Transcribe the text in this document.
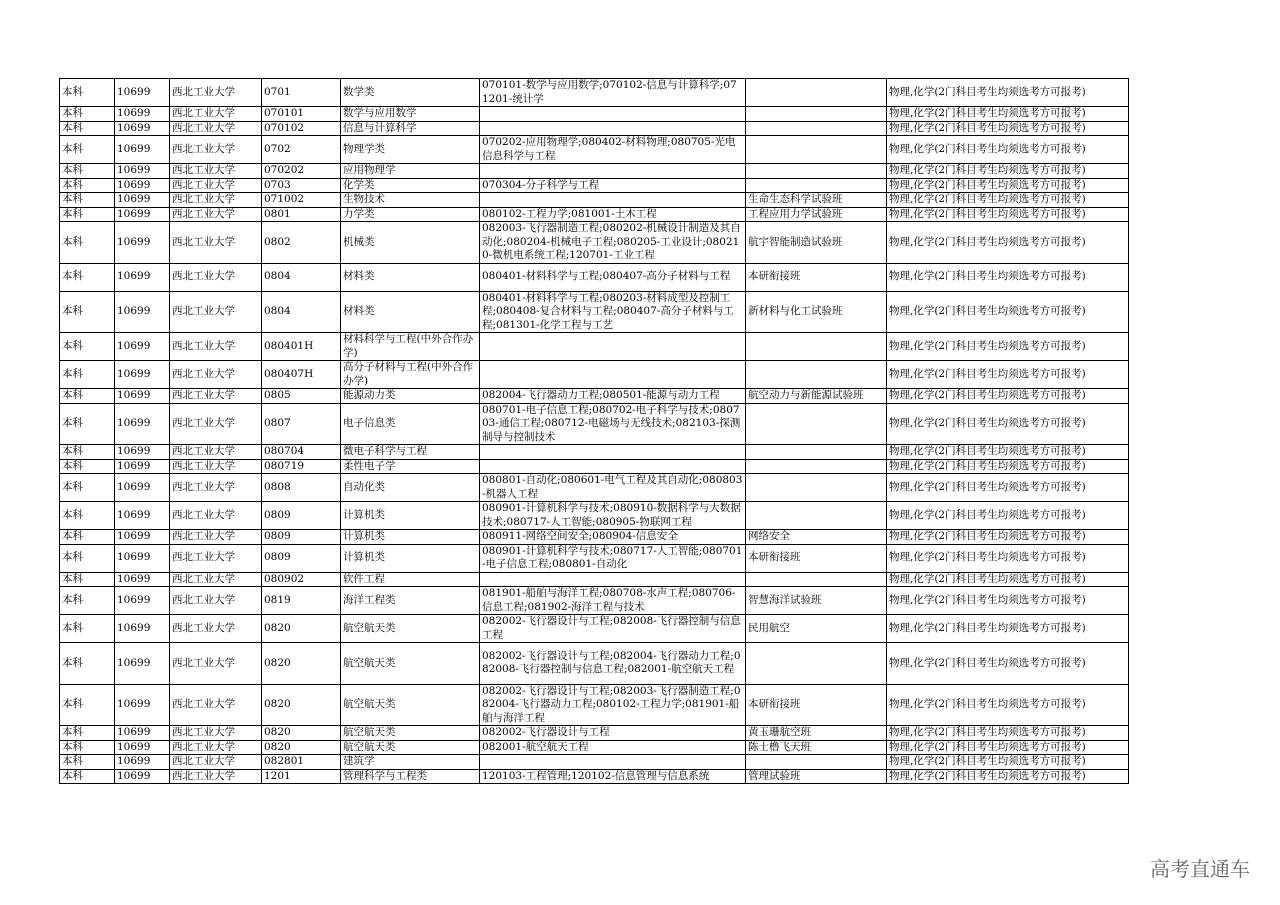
本科	10699	西北工业大学	0701	数学类	070101-数学与应用数学;070102-信息与计算科学;071201-统计学		物理,化学(2门科目考生均须选考方可报考)
本科	10699	西北工业大学	070101	数学与应用数学			物理,化学(2门科目考生均须选考方可报考)
本科	10699	西北工业大学	070102	信息与计算科学			物理,化学(2门科目考生均须选考方可报考)
本科	10699	西北工业大学	0702	物理学类	070202-应用物理学;080402-材料物理;080705-光电信息科学与工程		物理,化学(2门科目考生均须选考方可报考)
本科	10699	西北工业大学	070202	应用物理学			物理,化学(2门科目考生均须选考方可报考)
本科	10699	西北工业大学	0703	化学类	070304-分子科学与工程		物理,化学(2门科目考生均须选考方可报考)
本科	10699	西北工业大学	071002	生物技术		生命生态科学试验班	物理,化学(2门科目考生均须选考方可报考)
本科	10699	西北工业大学	0801	力学类	080102-工程力学;081001-土木工程	工程应用力学试验班	物理,化学(2门科目考生均须选考方可报考)
本科	10699	西北工业大学	0802	机械类	082003-飞行器制造工程;080202-机械设计制造及其自动化;080204-机械电子工程;080205-工业设计;080210-微机电系统工程;120701-工业工程	航宇智能制造试验班	物理,化学(2门科目考生均须选考方可报考)
本科	10699	西北工业大学	0804	材料类	080401-材料科学与工程;080407-高分子材料与工程	本研衔接班	物理,化学(2门科目考生均须选考方可报考)
本科	10699	西北工业大学	0804	材料类	080401-材料科学与工程;080203-材料成型及控制工程;080408-复合材料与工程;080407-高分子材料与工程;081301-化学工程与工艺	新材料与化工试验班	物理,化学(2门科目考生均须选考方可报考)
本科	10699	西北工业大学	080401H	材料科学与工程(中外合作办学)			物理,化学(2门科目考生均须选考方可报考)
本科	10699	西北工业大学	080407H	高分子材料与工程(中外合作办学)			物理,化学(2门科目考生均须选考方可报考)
本科	10699	西北工业大学	0805	能源动力类	082004-飞行器动力工程;080501-能源与动力工程	航空动力与新能源试验班	物理,化学(2门科目考生均须选考方可报考)
本科	10699	西北工业大学	0807	电子信息类	080701-电子信息工程;080702-电子科学与技术;080703-通信工程;080712-电磁场与无线技术;082103-探测制导与控制技术		物理,化学(2门科目考生均须选考方可报考)
本科	10699	西北工业大学	080704	微电子科学与工程			物理,化学(2门科目考生均须选考方可报考)
本科	10699	西北工业大学	080719	柔性电子学			物理,化学(2门科目考生均须选考方可报考)
本科	10699	西北工业大学	0808	自动化类	080801-自动化;080601-电气工程及其自动化;080803-机器人工程		物理,化学(2门科目考生均须选考方可报考)
本科	10699	西北工业大学	0809	计算机类	080901-计算机科学与技术;080910-数据科学与大数据技术;080717-人工智能;080905-物联网工程		物理,化学(2门科目考生均须选考方可报考)
本科	10699	西北工业大学	0809	计算机类	080911-网络空间安全;080904-信息安全	网络安全	物理,化学(2门科目考生均须选考方可报考)
本科	10699	西北工业大学	0809	计算机类	080901-计算机科学与技术;080717-人工智能;080701-电子信息工程;080801-自动化	本研衔接班	物理,化学(2门科目考生均须选考方可报考)
本科	10699	西北工业大学	080902	软件工程			物理,化学(2门科目考生均须选考方可报考)
本科	10699	西北工业大学	0819	海洋工程类	081901-船舶与海洋工程;080708-水声工程;080706-信息工程;081902-海洋工程与技术	智慧海洋试验班	物理,化学(2门科目考生均须选考方可报考)
本科	10699	西北工业大学	0820	航空航天类	082002-飞行器设计与工程;082008-飞行器控制与信息工程	民用航空	物理,化学(2门科目考生均须选考方可报考)
本科	10699	西北工业大学	0820	航空航天类	082002-飞行器设计与工程;082004-飞行器动力工程;082008-飞行器控制与信息工程;082001-航空航天工程		物理,化学(2门科目考生均须选考方可报考)
本科	10699	西北工业大学	0820	航空航天类	082002-飞行器设计与工程;082003-飞行器制造工程;082004-飞行器动力工程;080102-工程力学;081901-船舶与海洋工程	本研衔接班	物理,化学(2门科目考生均须选考方可报考)
本科	10699	西北工业大学	0820	航空航天类	082002-飞行器设计与工程	黄玉珊航空班	物理,化学(2门科目考生均须选考方可报考)
本科	10699	西北工业大学	0820	航空航天类	082001-航空航天工程	陈士橹飞天班	物理,化学(2门科目考生均须选考方可报考)
本科	10699	西北工业大学	082801	建筑学			物理,化学(2门科目考生均须选考方可报考)
本科	10699	西北工业大学	1201	管理科学与工程类	120103-工程管理;120102-信息管理与信息系统	管理试验班	物理,化学(2门科目考生均须选考方可报考)
高考直通车
